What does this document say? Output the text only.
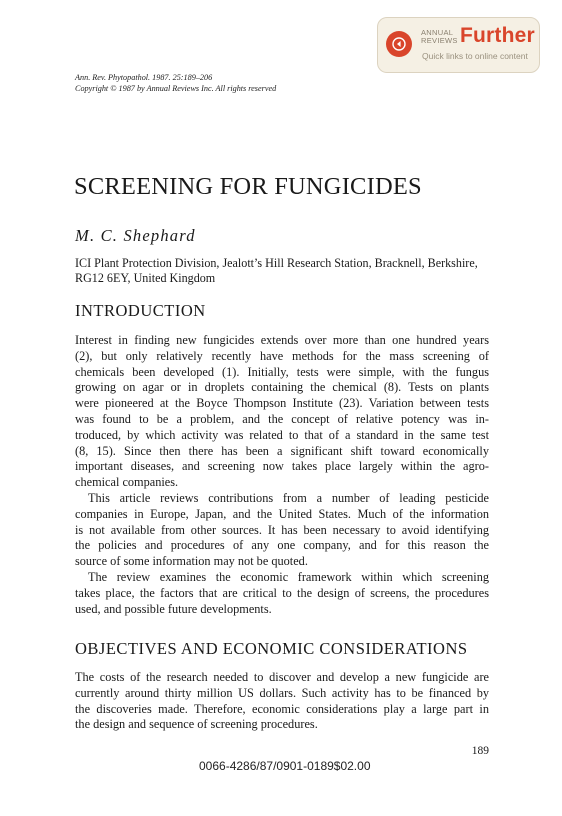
ANNUAL
REVIEWS Further
Quick links to online content
Ann. Rev. Phytopathol. 1987. 25:189–206
Copyright © 1987 by Annual Reviews Inc. All rights reserved
SCREENING FOR FUNGICIDES
M. C. Shephard
ICI Plant Protection Division, Jealott’s Hill Research Station, Bracknell, Berkshire,
RG12 6EY, United Kingdom
INTRODUCTION
Interest in finding new fungicides extends over more than one hundred years
(2), but only relatively recently have methods for the mass screening of
chemicals been developed (1). Initially, tests were simple, with the fungus
growing on agar or in droplets containing the chemical (8). Tests on plants
were pioneered at the Boyce Thompson Institute (23). Variation between tests
was found to be a problem, and the concept of relative potency was in-
troduced, by which activity was related to that of a standard in the same test
(8, 15). Since then there has been a significant shift toward economically
important diseases, and screening now takes place largely within the agro-
chemical companies.
This article reviews contributions from a number of leading pesticide
companies in Europe, Japan, and the United States. Much of the information
is not available from other sources. It has been necessary to avoid identifying
the policies and procedures of any one company, and for this reason the
source of some information may not be quoted.
The review examines the economic framework within which screening
takes place, the factors that are critical to the design of screens, the procedures
used, and possible future developments.
OBJECTIVES AND ECONOMIC CONSIDERATIONS
The costs of the research needed to discover and develop a new fungicide are
currently around thirty million US dollars. Such activity has to be financed by
the discoveries made. Therefore, economic considerations play a large part in
the design and sequence of screening procedures.
189
0066-4286/87/0901-0189$02.00
